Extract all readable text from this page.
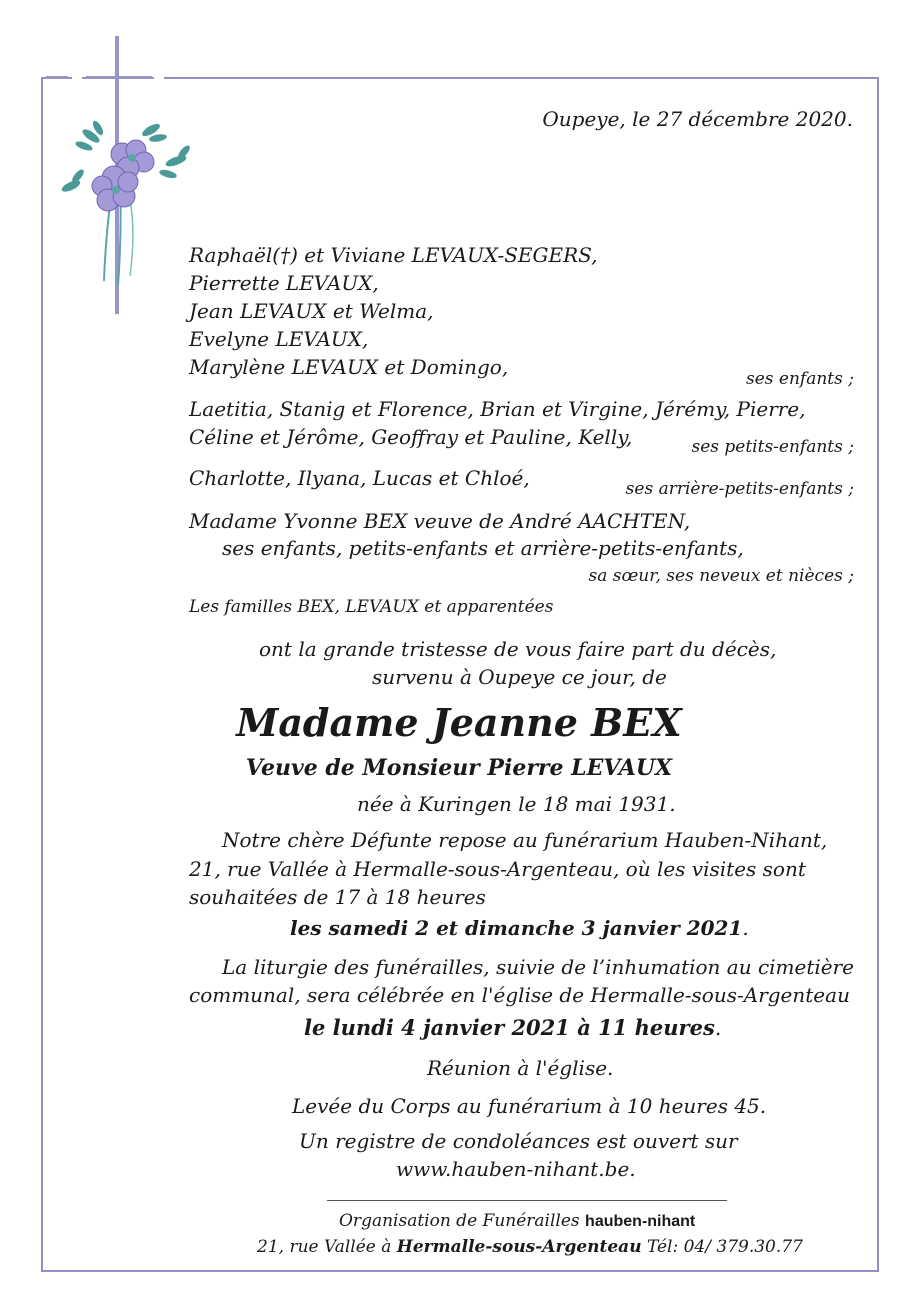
Oupeye, le 27 décembre 2020.
Raphaël(†) et Viviane LEVAUX-SEGERS,
Pierrette LEVAUX,
Jean LEVAUX et Welma,
Evelyne LEVAUX,
Marylène LEVAUX et Domingo,	ses enfants ;
Laetitia, Stanig et Florence, Brian et Virgine, Jérémy, Pierre,
Céline et Jérôme, Geoffray et Pauline, Kelly,	ses petits-enfants ;
Charlotte, Ilyana, Lucas et Chloé,	ses arrière-petits-enfants ;
Madame Yvonne BEX veuve de André AACHTEN,
ses enfants, petits-enfants et arrière-petits-enfants,
sa sœur, ses neveux et nièces ;
Les familles BEX, LEVAUX et apparentées
ont la grande tristesse de vous faire part du décès,
survenu à Oupeye ce jour, de
Madame Jeanne BEX
Veuve de Monsieur Pierre LEVAUX
née à Kuringen le 18 mai 1931.
Notre chère Défunte repose au funérarium Hauben-Nihant,
21, rue Vallée à Hermalle-sous-Argenteau, où les visites sont
souhaitées de 17 à 18 heures
les samedi 2 et dimanche 3 janvier 2021.
La liturgie des funérailles, suivie de l’inhumation au cimetière
communal, sera célébrée en l'église de Hermalle-sous-Argenteau
le lundi 4 janvier 2021 à 11 heures.
Réunion à l'église.
Levée du Corps au funérarium à 10 heures 45.
Un registre de condoléances est ouvert sur
www.hauben-nihant.be.
Organisation de Funérailles hauben-nihant
21, rue Vallée à Hermalle-sous-Argenteau Tél: 04/ 379.30.77
